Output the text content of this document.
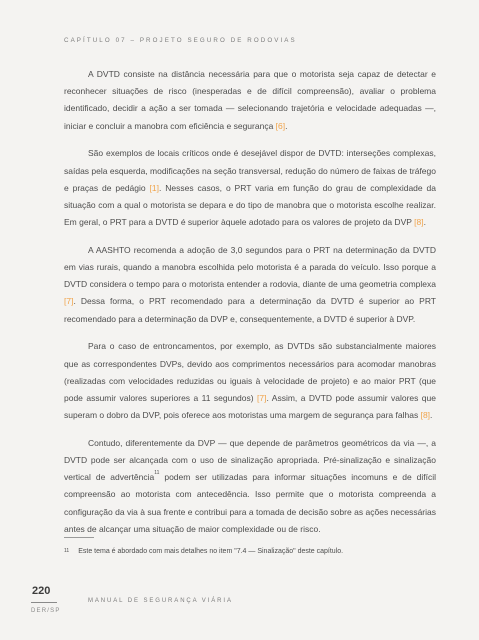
CAPÍTULO 07 – PROJETO SEGURO DE RODOVIAS

A DVTD consiste na distância necessária para que o motorista seja capaz de detectar e reconhecer situações de risco (inesperadas e de difícil compreensão), avaliar o problema identificado, decidir a ação a ser tomada — selecionando trajetória e velocidade adequadas —, iniciar e concluir a manobra com eficiência e segurança [6].

São exemplos de locais críticos onde é desejável dispor de DVTD: interseções complexas, saídas pela esquerda, modificações na seção transversal, redução do número de faixas de tráfego e praças de pedágio [1]. Nesses casos, o PRT varia em função do grau de complexidade da situação com a qual o motorista se depara e do tipo de manobra que o motorista escolhe realizar. Em geral, o PRT para a DVTD é superior àquele adotado para os valores de projeto da DVP [8].

A AASHTO recomenda a adoção de 3,0 segundos para o PRT na determinação da DVTD em vias rurais, quando a manobra escolhida pelo motorista é a parada do veículo. Isso porque a DVTD considera o tempo para o motorista entender a rodovia, diante de uma geometria complexa [7]. Dessa forma, o PRT recomendado para a determinação da DVTD é superior ao PRT recomendado para a determinação da DVP e, consequentemente, a DVTD é superior à DVP.

Para o caso de entroncamentos, por exemplo, as DVTDs são substancialmente maiores que as correspondentes DVPs, devido aos comprimentos necessários para acomodar manobras (realizadas com velocidades reduzidas ou iguais à velocidade de projeto) e ao maior PRT (que pode assumir valores superiores a 11 segundos) [7]. Assim, a DVTD pode assumir valores que superam o dobro da DVP, pois oferece aos motoristas uma margem de segurança para falhas [8].

Contudo, diferentemente da DVP — que depende de parâmetros geométricos da via —, a DVTD pode ser alcançada com o uso de sinalização apropriada. Pré-sinalização e sinalização vertical de advertência$^{11}$ podem ser utilizadas para informar situações incomuns e de difícil compreensão ao motorista com antecedência. Isso permite que o motorista compreenda a configuração da via à sua frente e contribui para a tomada de decisão sobre as ações necessárias antes de alcançar uma situação de maior complexidade ou de risco.

$^{11}$ Este tema é abordado com mais detalhes no item "7.4 — Sinalização" deste capítulo.
220
MANUAL DE SEGURANÇA VIÁRIA
DER/SP
